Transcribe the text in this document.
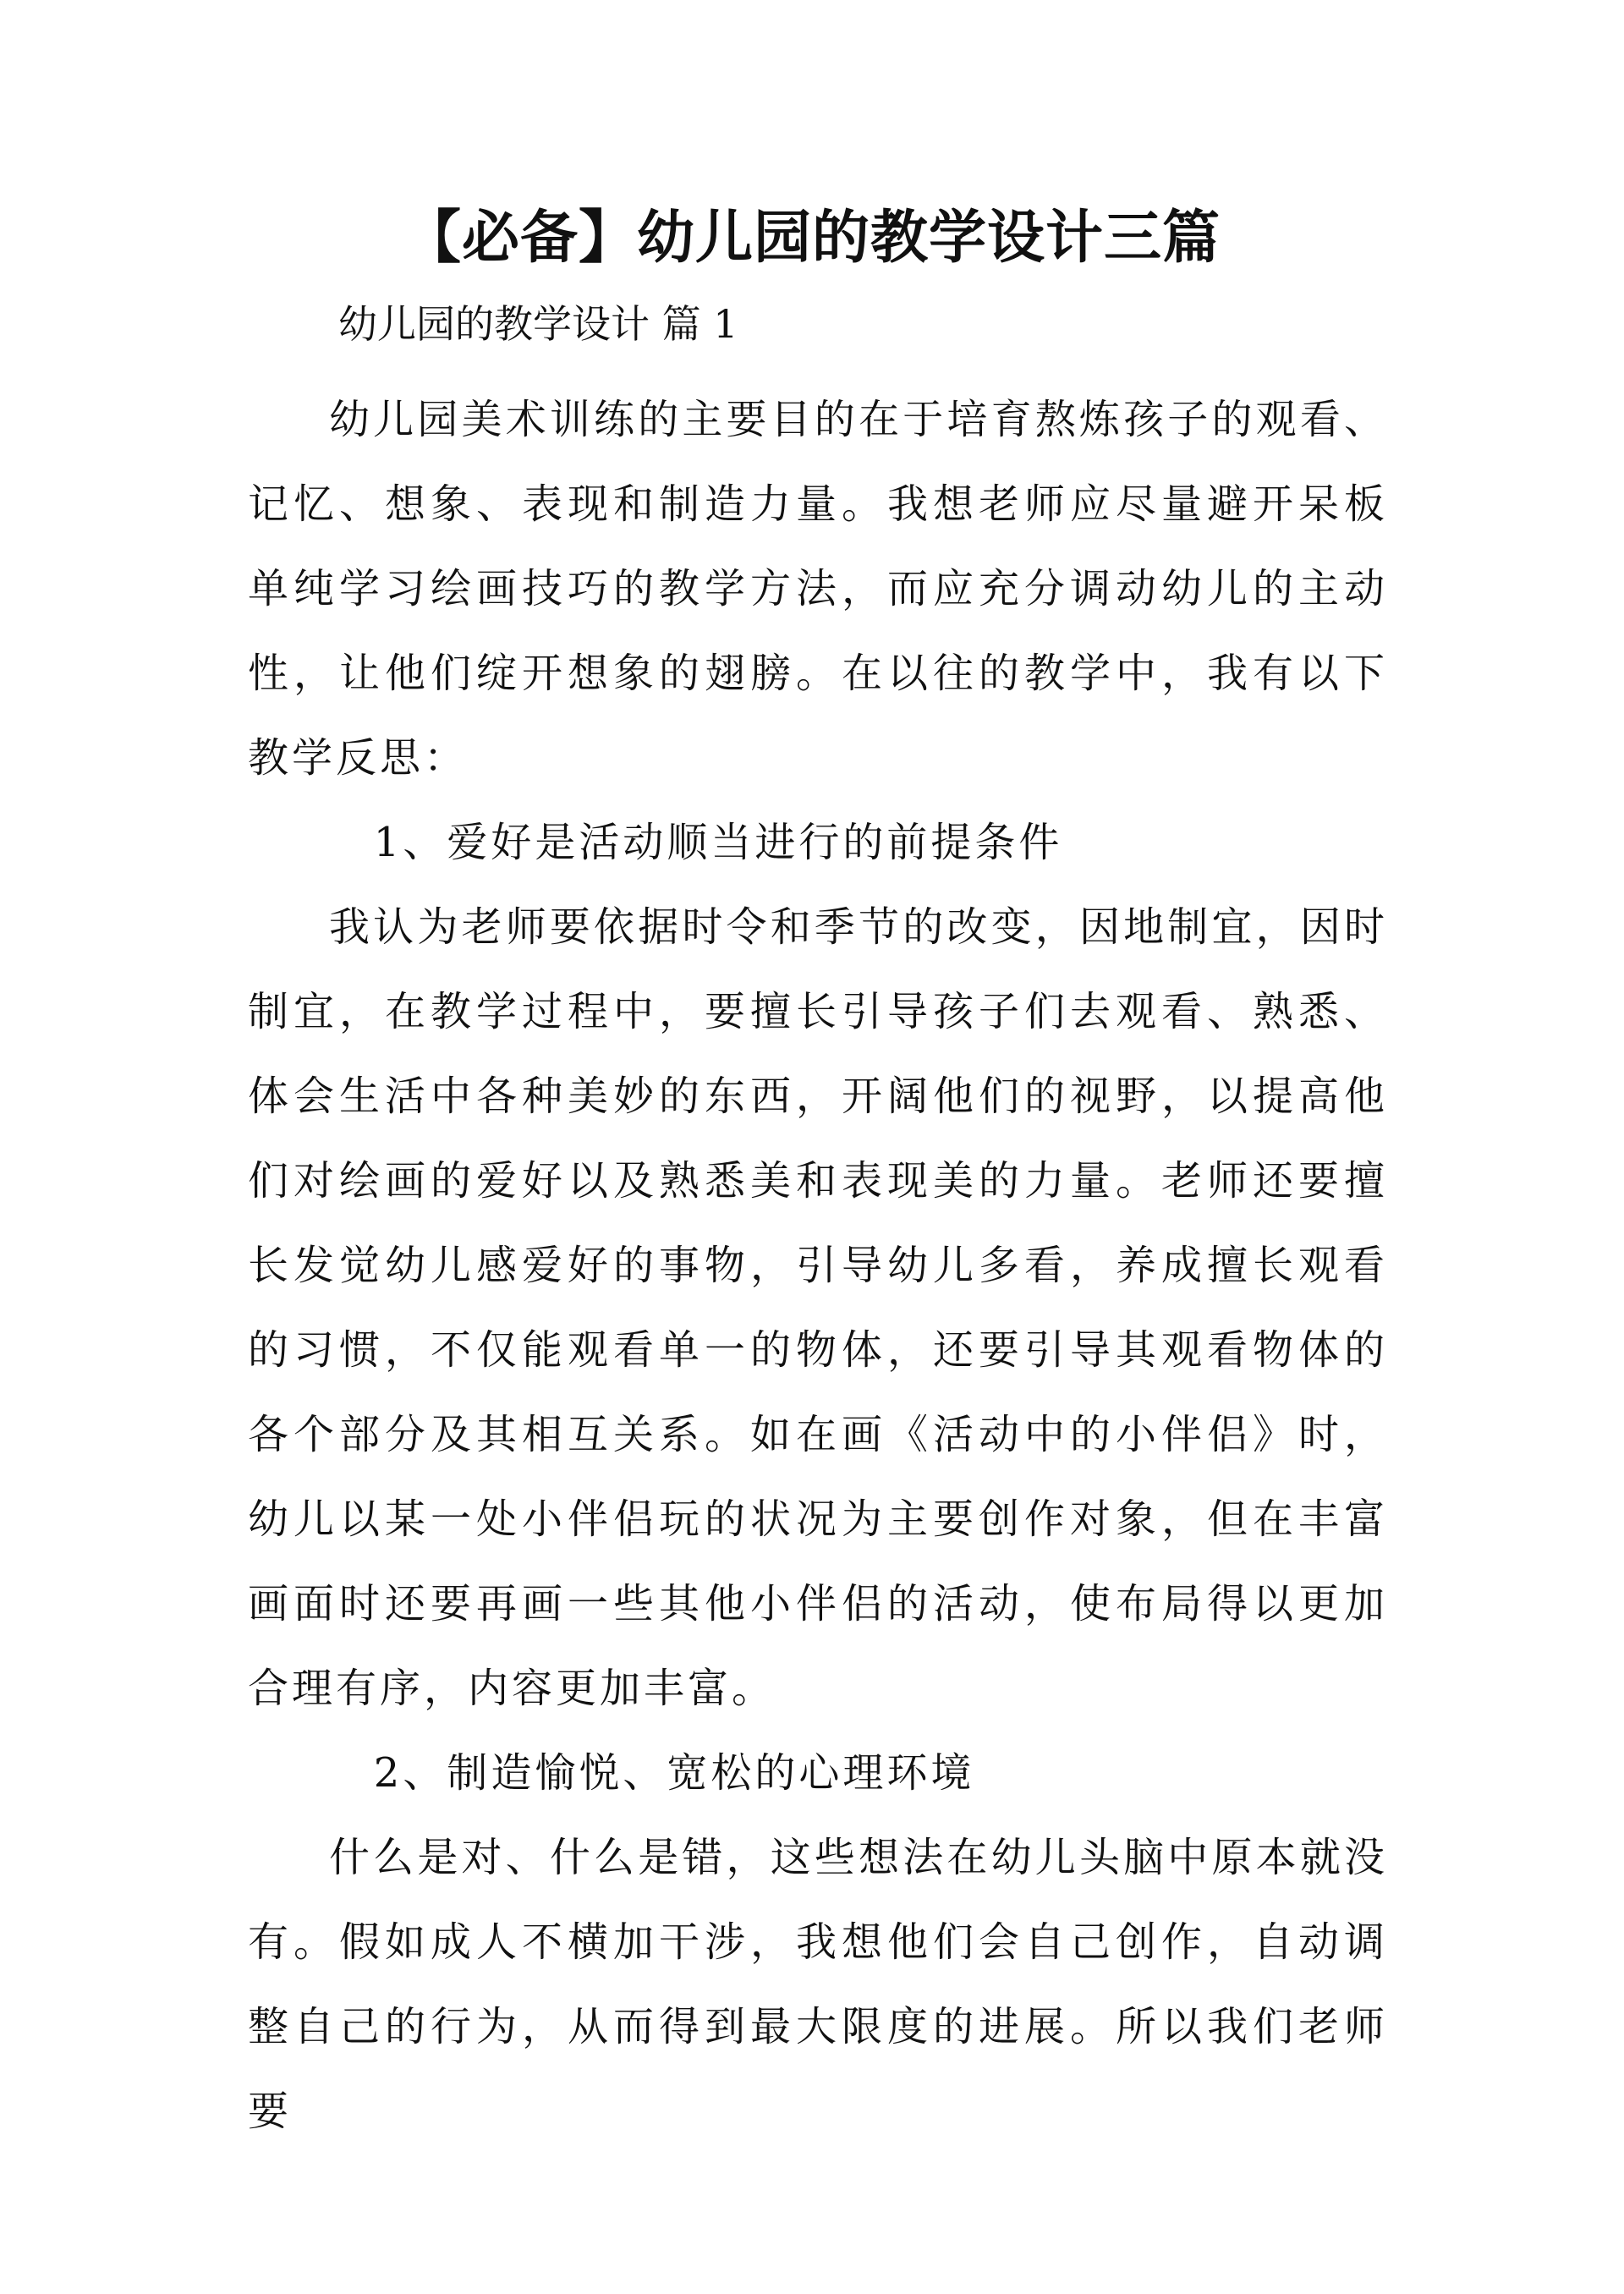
【必备】幼儿园的教学设计三篇
幼儿园的教学设计 篇 1

幼儿园美术训练的主要目的在于培育熬炼孩子的观看、记忆、想象、表现和制造力量。我想老师应尽量避开呆板单纯学习绘画技巧的教学方法，而应充分调动幼儿的主动性，让他们绽开想象的翅膀。在以往的教学中，我有以下教学反思：

1、爱好是活动顺当进行的前提条件

我认为老师要依据时令和季节的改变，因地制宜，因时制宜，在教学过程中，要擅长引导孩子们去观看、熟悉、体会生活中各种美妙的东西，开阔他们的视野，以提高他们对绘画的爱好以及熟悉美和表现美的力量。老师还要擅长发觉幼儿感爱好的事物，引导幼儿多看，养成擅长观看的习惯，不仅能观看单一的物体，还要引导其观看物体的各个部分及其相互关系。如在画《活动中的小伴侣》时，幼儿以某一处小伴侣玩的状况为主要创作对象，但在丰富画面时还要再画一些其他小伴侣的活动，使布局得以更加合理有序，内容更加丰富。

2、制造愉悦、宽松的心理环境

什么是对、什么是错，这些想法在幼儿头脑中原本就没有。假如成人不横加干涉，我想他们会自己创作，自动调整自己的行为，从而得到最大限度的进展。所以我们老师要
